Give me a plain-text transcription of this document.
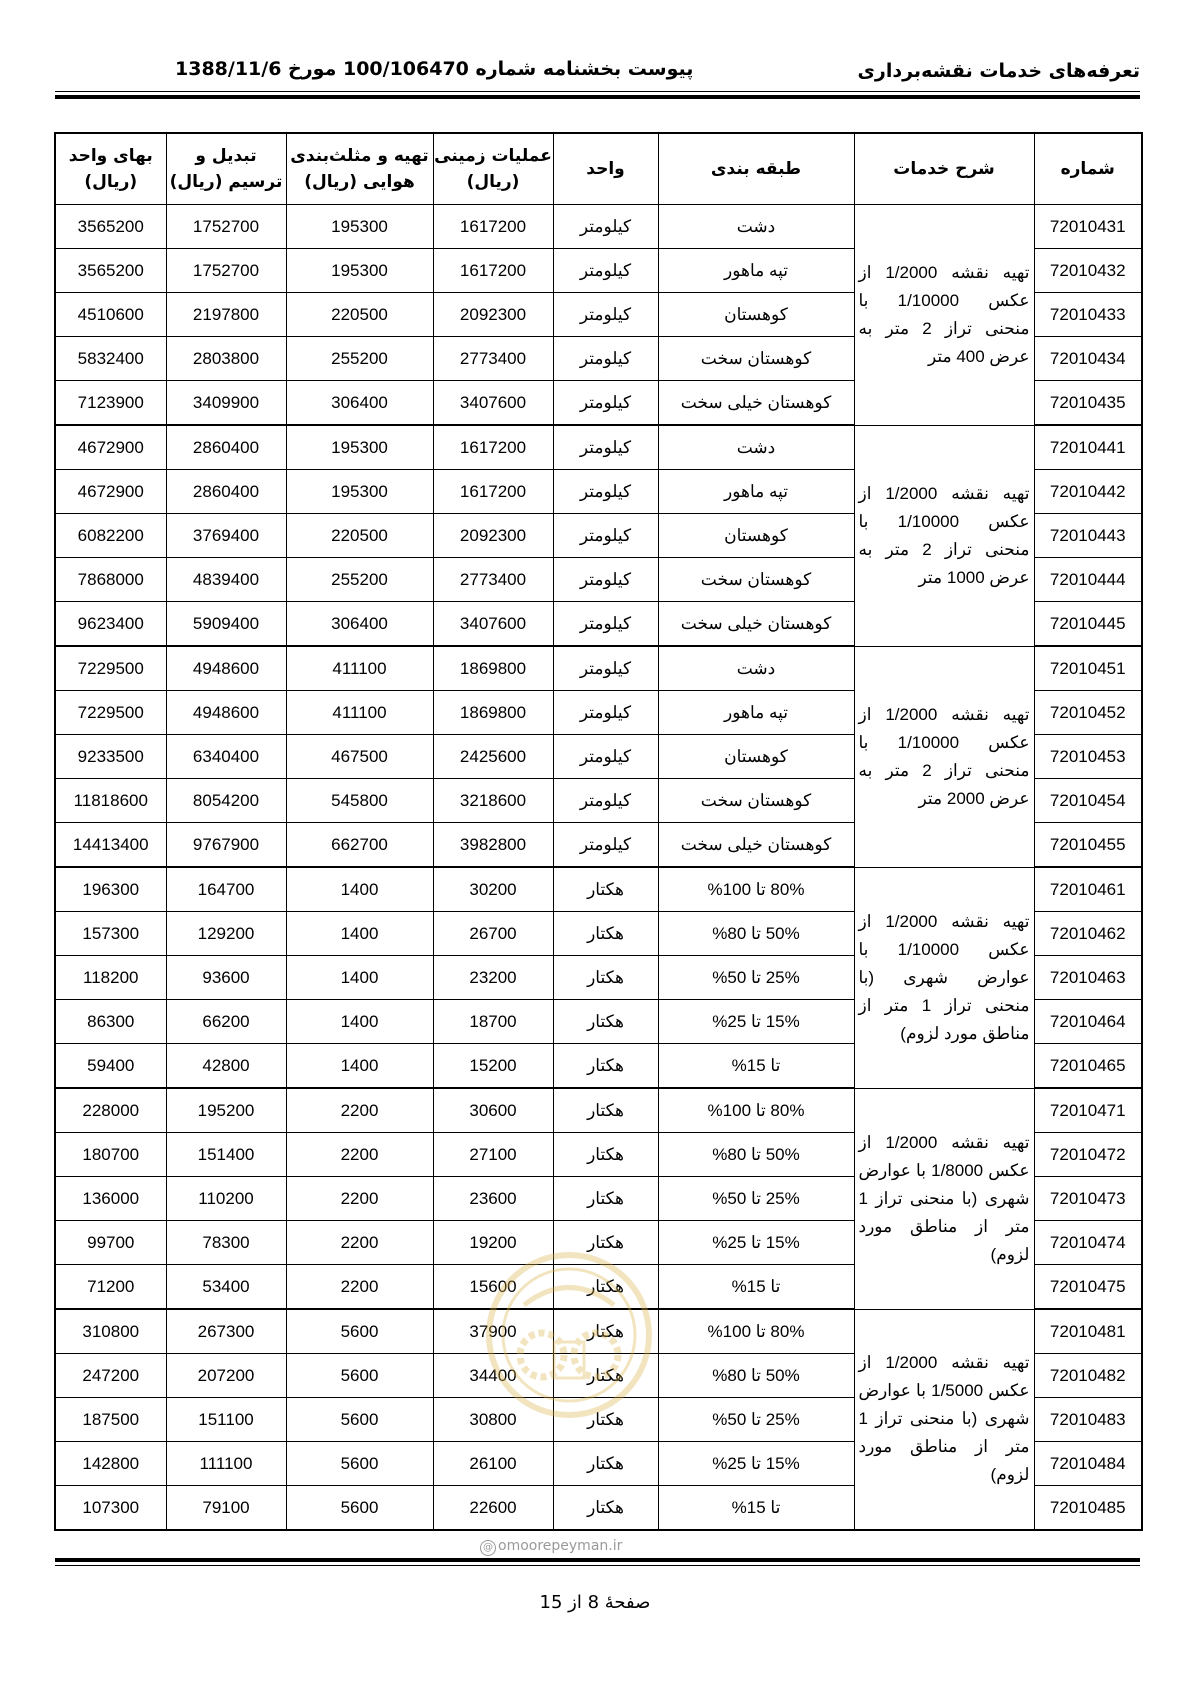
تعرفه‌های خدمات نقشه‌برداری
پیوست بخشنامه شماره 100/106470 مورخ 1388/11/6
شماره	شرح خدمات	طبقه بندی	واحد	عملیات زمینی (ریال)	تهیه و مثلث‌بندی هوایی (ریال)	تبدیل و ترسیم (ریال)	بهای واحد (ریال)
72010431	تهیه نقشه 1/2000 از عکس 1/10000 با منحنی تراز 2 متر به عرض 400 متر	دشت	کیلومتر	1617200	195300	1752700	3565200
72010432		تپه ماهور	کیلومتر	1617200	195300	1752700	3565200
72010433		کوهستان	کیلومتر	2092300	220500	2197800	4510600
72010434		کوهستان سخت	کیلومتر	2773400	255200	2803800	5832400
72010435		کوهستان خیلی سخت	کیلومتر	3407600	306400	3409900	7123900
72010441	تهیه نقشه 1/2000 از عکس 1/10000 با منحنی تراز 2 متر به عرض 1000 متر	دشت	کیلومتر	1617200	195300	2860400	4672900
72010442		تپه ماهور	کیلومتر	1617200	195300	2860400	4672900
72010443		کوهستان	کیلومتر	2092300	220500	3769400	6082200
72010444		کوهستان سخت	کیلومتر	2773400	255200	4839400	7868000
72010445		کوهستان خیلی سخت	کیلومتر	3407600	306400	5909400	9623400
72010451	تهیه نقشه 1/2000 از عکس 1/10000 با منحنی تراز 2 متر به عرض 2000 متر	دشت	کیلومتر	1869800	411100	4948600	7229500
72010452		تپه ماهور	کیلومتر	1869800	411100	4948600	7229500
72010453		کوهستان	کیلومتر	2425600	467500	6340400	9233500
72010454		کوهستان سخت	کیلومتر	3218600	545800	8054200	11818600
72010455		کوهستان خیلی سخت	کیلومتر	3982800	662700	9767900	14413400
72010461	تهیه نقشه 1/2000 از عکس 1/10000 با عوارض شهری (با منحنی تراز 1 متر از مناطق مورد لزوم)	80% تا 100%	هکتار	30200	1400	164700	196300
72010462		50% تا 80%	هکتار	26700	1400	129200	157300
72010463		25% تا 50%	هکتار	23200	1400	93600	118200
72010464		15% تا 25%	هکتار	18700	1400	66200	86300
72010465		تا 15%	هکتار	15200	1400	42800	59400
72010471	تهیه نقشه 1/2000 از عکس 1/8000 با عوارض شهری (با منحنی تراز 1 متر از مناطق مورد لزوم)	80% تا 100%	هکتار	30600	2200	195200	228000
72010472		50% تا 80%	هکتار	27100	2200	151400	180700
72010473		25% تا 50%	هکتار	23600	2200	110200	136000
72010474		15% تا 25%	هکتار	19200	2200	78300	99700
72010475		تا 15%	هکتار	15600	2200	53400	71200
72010481	تهیه نقشه 1/2000 از عکس 1/5000 با عوارض شهری (با منحنی تراز 1 متر از مناطق مورد لزوم)	80% تا 100%	هکتار	37900	5600	267300	310800
72010482		50% تا 80%	هکتار	34400	5600	207200	247200
72010483		25% تا 50%	هکتار	30800	5600	151100	187500
72010484		15% تا 25%	هکتار	26100	5600	111100	142800
72010485		تا 15%	هکتار	22600	5600	79100	107300
@ omoorepeyman.ir
صفحۀ 8 از 15
